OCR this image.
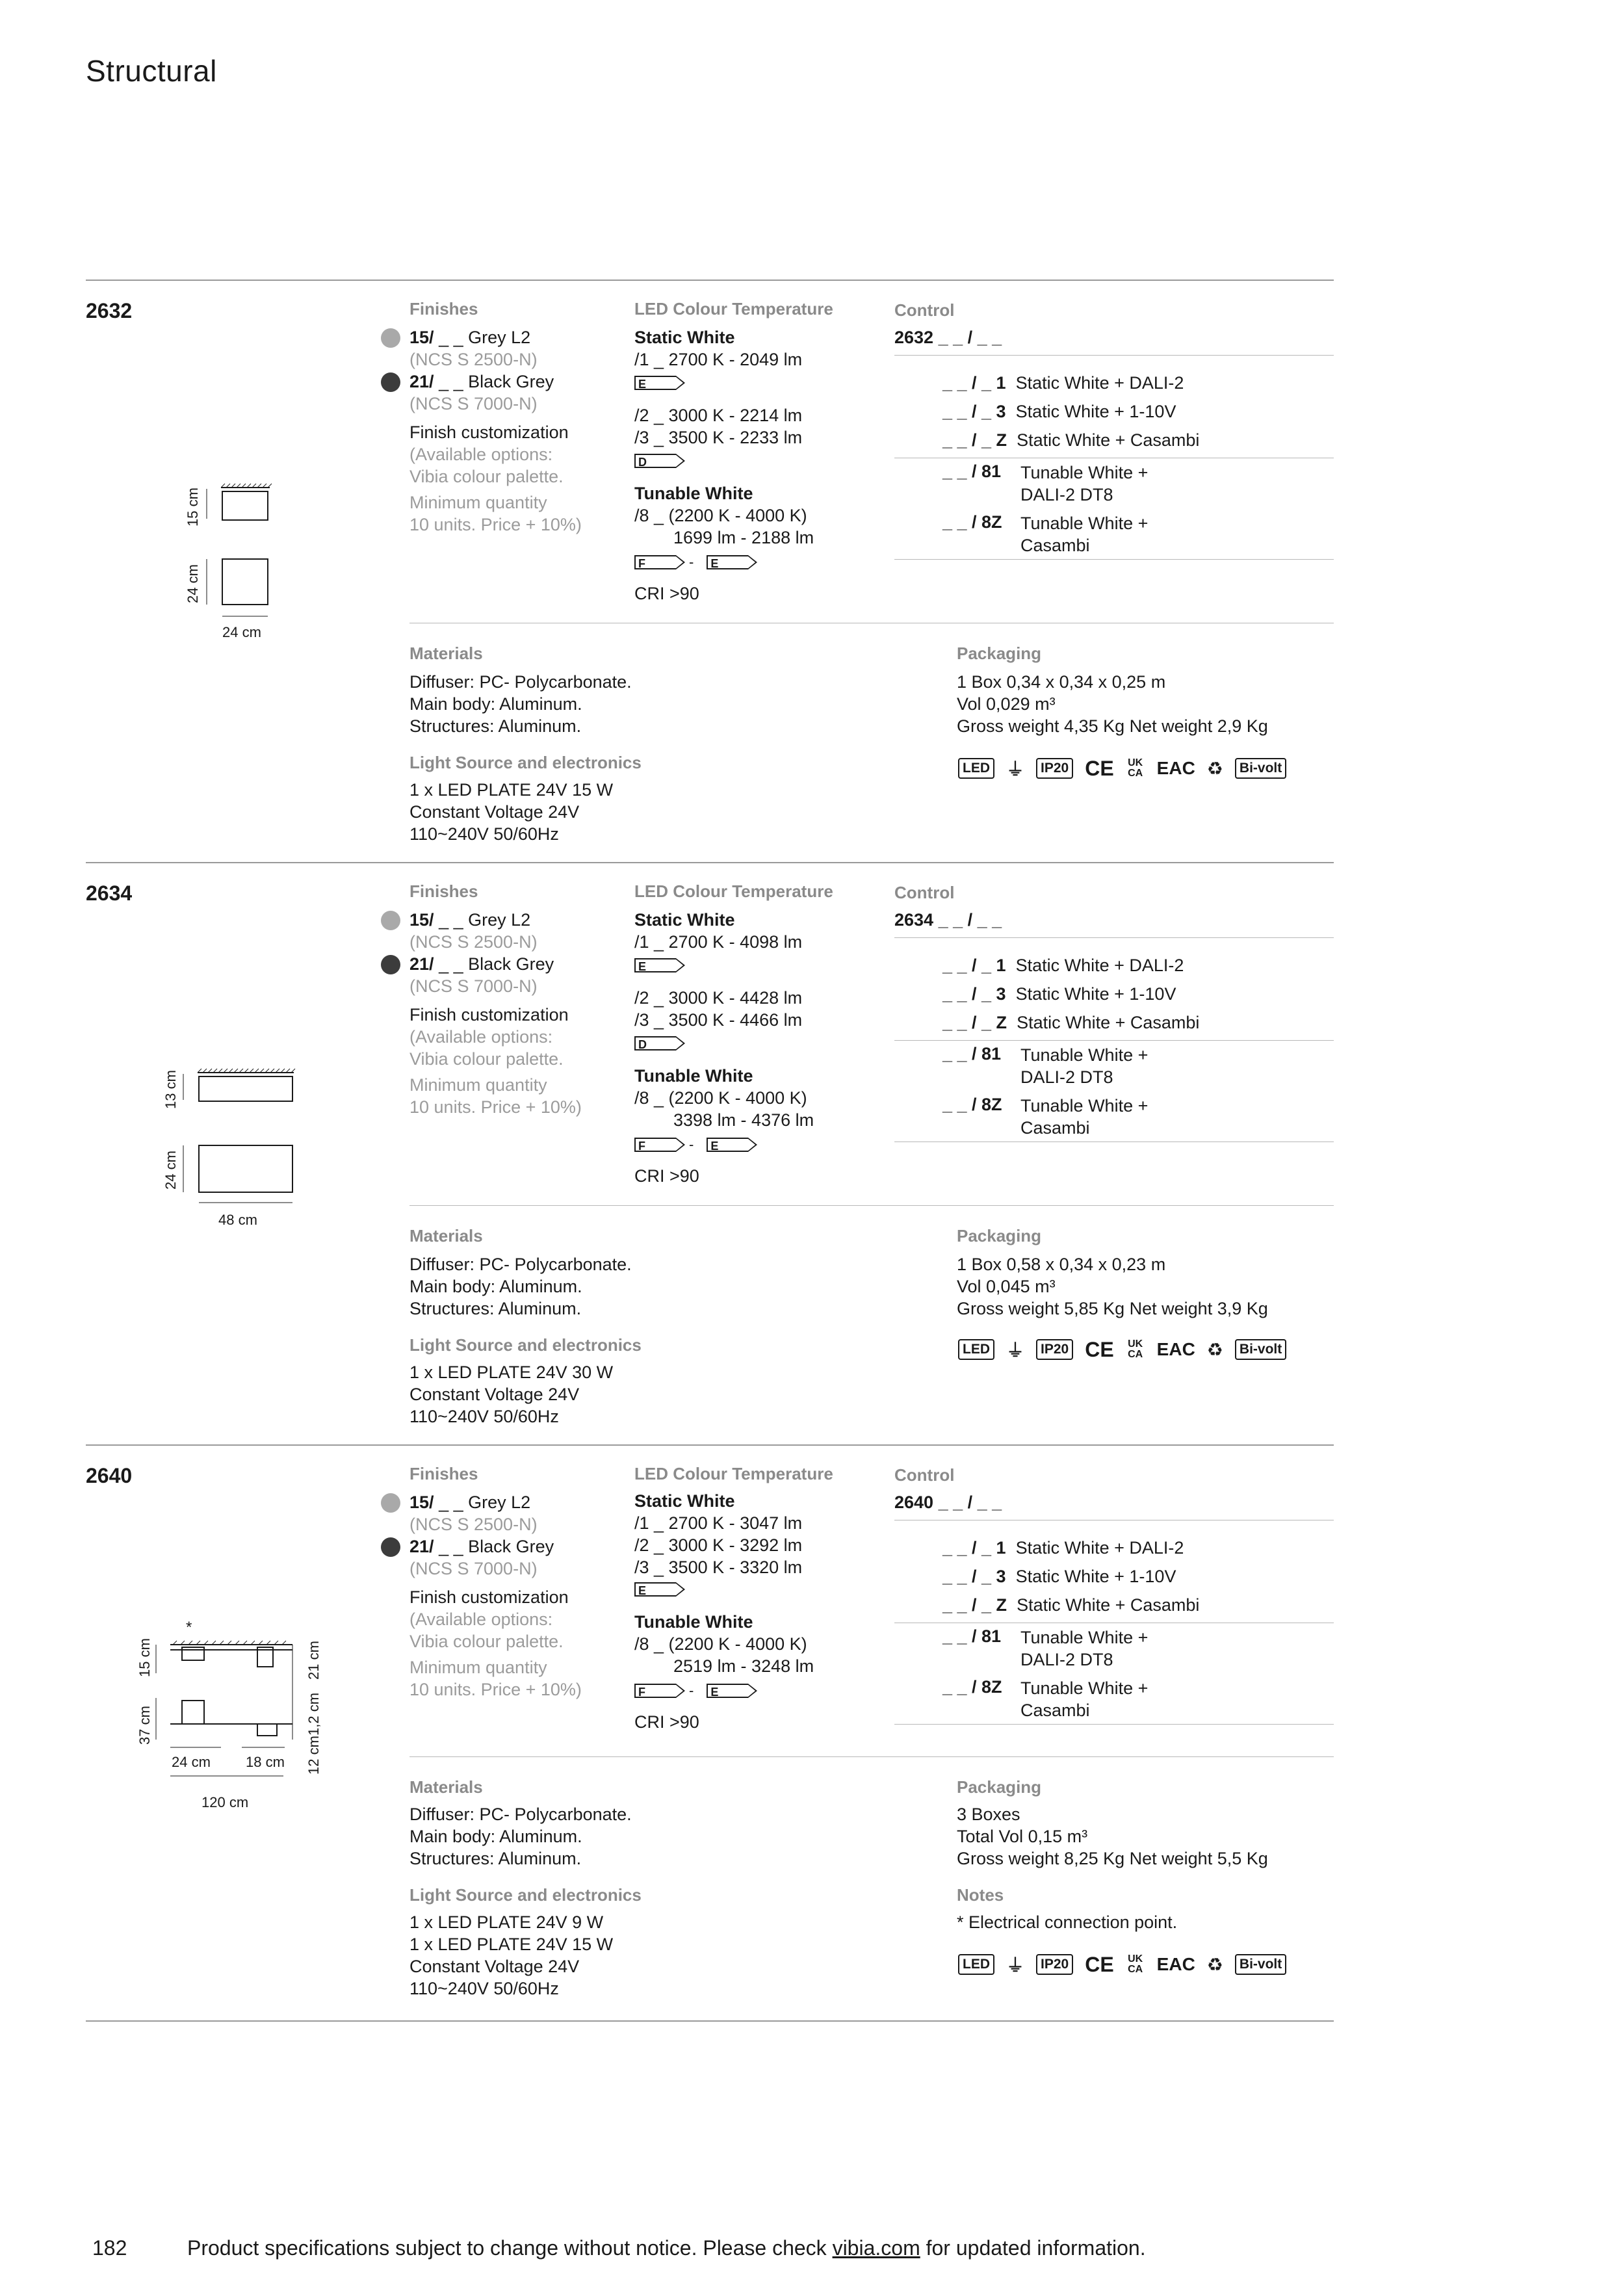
Structural
2632
15 cm
24 cm
24 cm
Finishes
15/ _ _ Grey L2
(NCS S 2500-N)
21/ _ _ Black Grey
(NCS S 7000-N)
Finish customization
(Available options:
Vibia colour palette.
Minimum quantity
10 units. Price + 10%)
LED Colour Temperature
Static White
/1 _ 2700 K - 2049 lm
E
/2 _ 3000 K - 2214 lm
/3 _ 3500 K - 2233 lm
D
Tunable White
/8 _ (2200 K - 4000 K)
1699 lm - 2188 lm
F	-	E
CRI >90
Control
2632 _ _ / _ _
_ _ / _ 1 Static White + DALI-2
_ _ / _ 3 Static White + 1-10V
_ _ / _ Z Static White + Casambi
_ _ / 81 Tunable White +
DALI-2 DT8
_ _ / 8Z Tunable White +
Casambi
Materials
Diffuser: PC- Polycarbonate.
Main body: Aluminum.
Structures: Aluminum.
Light Source and electronics
1 x LED PLATE 24V 15 W
Constant Voltage 24V
110~240V 50/60Hz
Packaging
1 Box 0,34 x 0,34 x 0,25 m
Vol 0,029 m³
Gross weight 4,35 Kg Net weight 2,9 Kg
LED ⏚	IP20 CE UK CA EAC ♻	Bi-volt
2634
13 cm
24 cm
48 cm
Finishes
15/ _ _ Grey L2
(NCS S 2500-N)
21/ _ _ Black Grey
(NCS S 7000-N)
Finish customization
(Available options:
Vibia colour palette.
Minimum quantity
10 units. Price + 10%)
LED Colour Temperature
Static White
/1 _ 2700 K - 4098 lm
E
/2 _ 3000 K - 4428 lm
/3 _ 3500 K - 4466 lm
D
Tunable White
/8 _ (2200 K - 4000 K)
3398 lm - 4376 lm
F	-	E
CRI >90
Control
2634 _ _ / _ _
_ _ / _ 1 Static White + DALI-2
_ _ / _ 3 Static White + 1-10V
_ _ / _ Z Static White + Casambi
_ _ / 81 Tunable White +
DALI-2 DT8
_ _ / 8Z Tunable White +
Casambi
Materials
Diffuser: PC- Polycarbonate.
Main body: Aluminum.
Structures: Aluminum.
Light Source and electronics
1 x LED PLATE 24V 30 W
Constant Voltage 24V
110~240V 50/60Hz
Packaging
1 Box 0,58 x 0,34 x 0,23 m
Vol 0,045 m³
Gross weight 5,85 Kg Net weight 3,9 Kg
LED ⏚	IP20 CE UK CA EAC ♻	Bi-volt
2640
*
15 cm
37 cm
21 cm
1,2 cm
12 cm
24 cm 18 cm
120 cm
Finishes
15/ _ _ Grey L2
(NCS S 2500-N)
21/ _ _ Black Grey
(NCS S 7000-N)
Finish customization
(Available options:
Vibia colour palette.
Minimum quantity
10 units. Price + 10%)
LED Colour Temperature
Static White
/1 _ 2700 K - 3047 lm
/2 _ 3000 K - 3292 lm
/3 _ 3500 K - 3320 lm
E
Tunable White
/8 _ (2200 K - 4000 K)
2519 lm - 3248 lm
F	-	E
CRI >90
Control
2640 _ _ / _ _
_ _ / _ 1 Static White + DALI-2
_ _ / _ 3 Static White + 1-10V
_ _ / _ Z Static White + Casambi
_ _ / 81 Tunable White +
DALI-2 DT8
_ _ / 8Z Tunable White +
Casambi
Materials
Diffuser: PC- Polycarbonate.
Main body: Aluminum.
Structures: Aluminum.
Light Source and electronics
1 x LED PLATE 24V 9 W
1 x LED PLATE 24V 15 W
Constant Voltage 24V
110~240V 50/60Hz
Packaging
3 Boxes
Total Vol 0,15 m³
Gross weight 8,25 Kg Net weight 5,5 Kg
Notes
* Electrical connection point.
LED ⏚	IP20 CE UK CA EAC ♻	Bi-volt
182	Product specifications subject to change without notice. Please check vibia.com for updated information.
